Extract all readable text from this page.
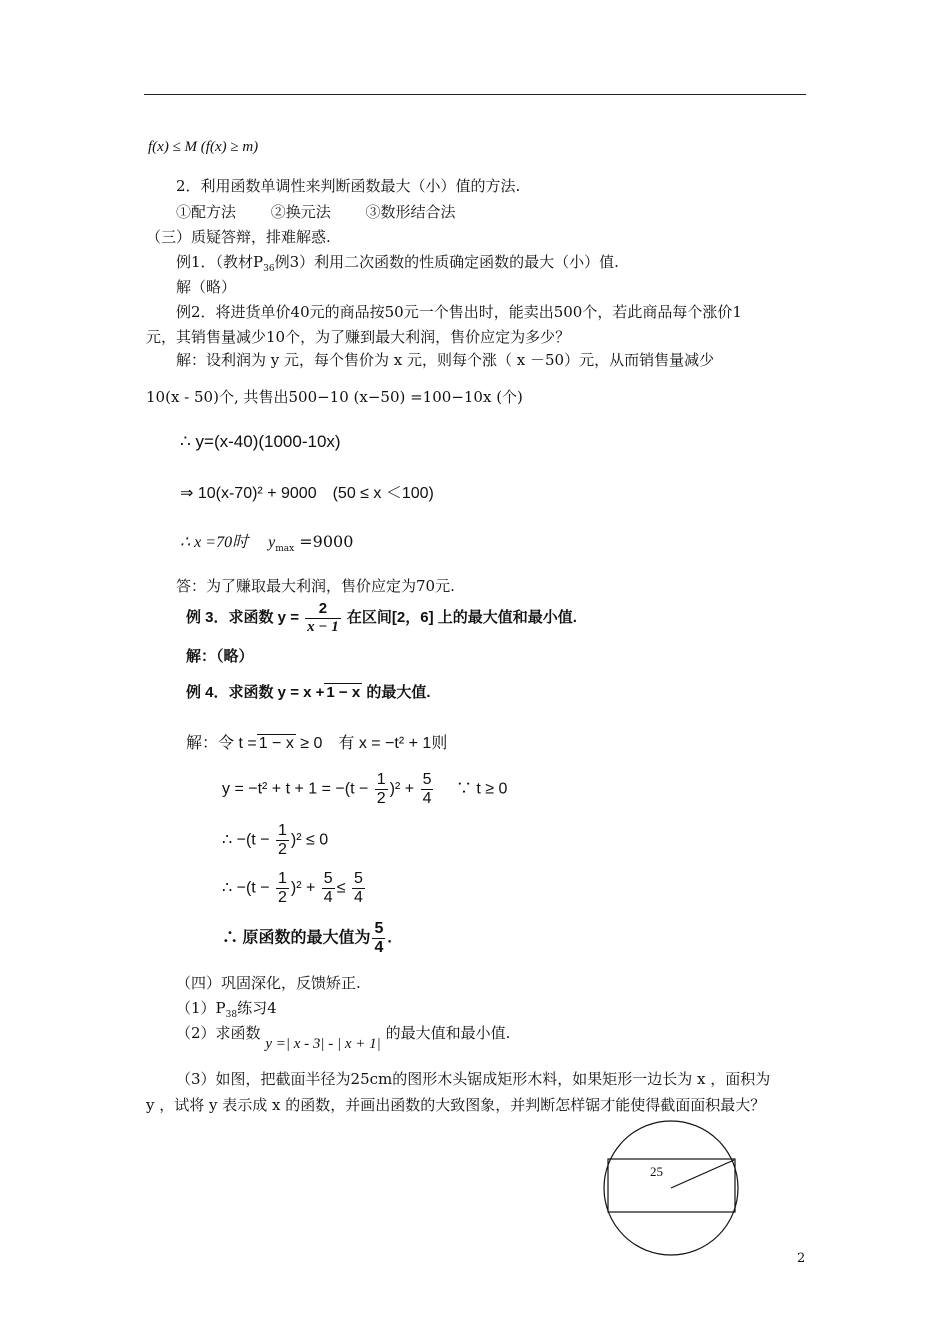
f(x) ≤ M (f(x) ≥ m)
2．利用函数单调性来判断函数最大（小）值的方法.
①配方法　　 ②换元法　　 ③数形结合法
（三）质疑答辩，排难解惑.
例1．（教材$P_{36}$例3）利用二次函数的性质确定函数的最大（小）值.
解（略）
例2．将进货单价40元的商品按50元一个售出时，能卖出500个，若此商品每个涨价1
元，其销售量减少10个，为了赚到最大利润，售价应定为多少？
解：设利润为 y 元，每个售价为 x 元，则每个涨（ x －50）元，从而销售量减少
10(x - 50)个, 共售出500−10 (x−50) =100−10x (个)
∴ y=(x-40)(1000-10x)
⇒ 10(x-70)² + 9000　(50 ≤ x ＜100)
∴ x =70时　 $y_{max} =9000$
答：为了赚取最大利润，售价应定为70元.
例 3．求函数 $y = \frac{2}{x - 1}$ 在区间[2，6] 上的最大值和最小值.
解：（略）
例 4．求函数 y = x + 1 − x 的最大值.
解：令 t = 1 − x ≥ 0　有 x = −t² + 1则
$y = -t^2 + t + 1 = -(t - \frac{1}{2} )^2 + \frac{5}{4}$ 　∵ t ≥ 0
∴ $-(t - \frac{1}{2} )^2 \le 0$
∴ $-(t - \frac{1}{2} )^2 + \frac{5}{4} \le \frac{5}{4}$
∴ 原函数的最大值为 $\frac{5}{4}$ .
（四）巩固深化，反馈矫正.
$(1)P_{38}$练习4
（2）求函数 y =| x - 3| - | x + 1| 的最大值和最小值.
（3）如图，把截面半径为25cm的图形木头锯成矩形木料，如果矩形一边长为 x ，面积为
y ，试将 y 表示成 x 的函数，并画出函数的大致图象，并判断怎样锯才能使得截面面积最大？
25
2
